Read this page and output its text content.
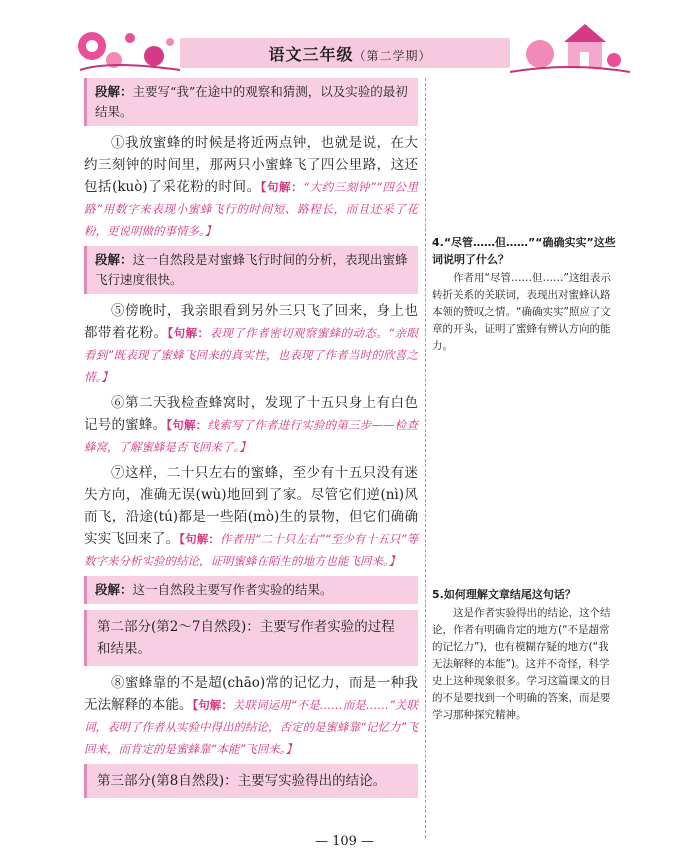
语文三年级（第二学期）
段解：主要写“我”在途中的观察和猜测，以及实验的最初结果。

①我放蜜蜂的时候是将近两点钟，也就是说，在大约三刻钟的时间里，那两只小蜜蜂飞了四公里路，这还包括(kuò)了采花粉的时间。【句解：“大约三刻钟”“四公里路”用数字来表现小蜜蜂飞行的时间短、路程长，而且还采了花粉，更说明做的事情多。】

段解：这一自然段是对蜜蜂飞行时间的分析，表现出蜜蜂飞行速度很快。

⑤傍晚时，我亲眼看到另外三只飞了回来，身上也都带着花粉。【句解：表现了作者密切观察蜜蜂的动态。“亲眼看到”既表现了蜜蜂飞回来的真实性，也表现了作者当时的欣喜之情。】

⑥第二天我检查蜂窝时，发现了十五只身上有白色记号的蜜蜂。【句解：线索写了作者进行实验的第三步——检查蜂窝，了解蜜蜂是否飞回来了。】

⑦这样，二十只左右的蜜蜂，至少有十五只没有迷失方向，准确无误(wù)地回到了家。尽管它们逆(nì)风而飞，沿途(tú)都是一些陌(mò)生的景物，但它们确确实实飞回来了。【句解：作者用“二十只左右”“至少有十五只”等数字来分析实验的结论，证明蜜蜂在陌生的地方也能飞回来。】

段解：这一自然段主要写作者实验的结果。
第二部分(第2～7自然段)：主要写作者实验的过程和结果。

⑧蜜蜂靠的不是超(chāo)常的记忆力，而是一种我无法解释的本能。【句解：关联词运用“不是……而是……”关联词，表明了作者从实验中得出的结论，否定的是蜜蜂靠“记忆力”飞回来，而肯定的是蜜蜂靠“本能”飞回来。】

第三部分(第8自然段)：主要写实验得出的结论。
4.“尽管……但……”“确确实实”这些词说明了什么？
作者用“尽管……但……”这组表示转折关系的关联词，表现出对蜜蜂认路本领的赞叹之情。“确确实实”照应了文章的开头，证明了蜜蜂有辨认方向的能力。
5.如何理解文章结尾这句话？
这是作者实验得出的结论，这个结论，作者有明确肯定的地方(“不是超常的记忆力”)，也有模糊存疑的地方(“我无法解释的本能”)。这并不奇怪，科学史上这种现象很多。学习这篇课文的目的不是要找到一个明确的答案，而是要学习那种探究精神。
— 109 —
